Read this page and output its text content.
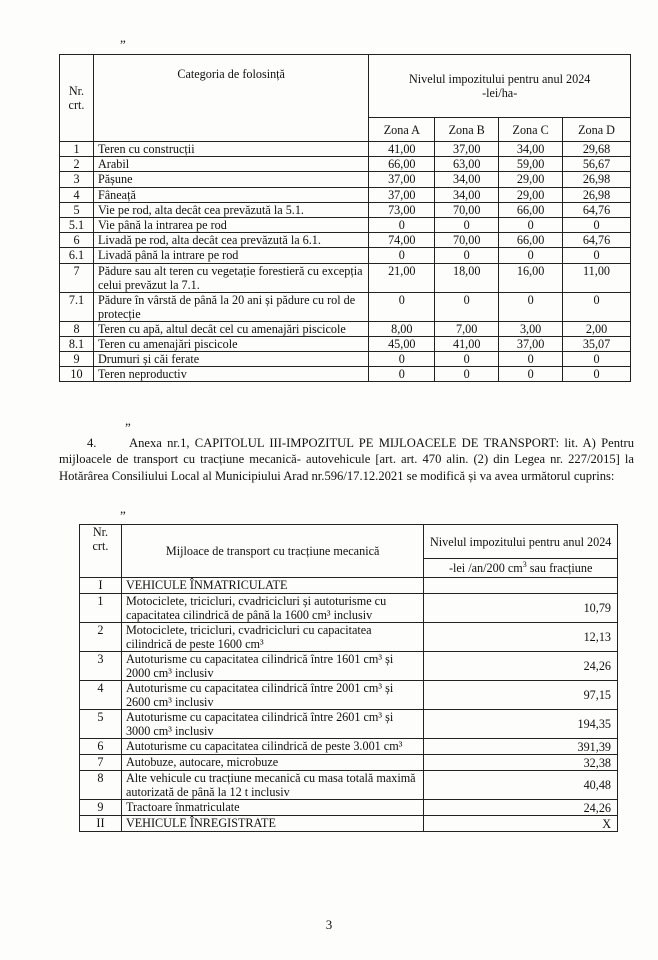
”
Nr. crt.	Categoria de folosință	Nivelul impozitului pentru anul 2024
-lei/ha-			

		Zona A	Zona B	Zona C	Zona D
1	Teren cu construcții	41,00	37,00	34,00	29,68
2	Arabil	66,00	63,00	59,00	56,67
3	Pășune	37,00	34,00	29,00	26,98
4	Fâneață	37,00	34,00	29,00	26,98
5	Vie pe rod, alta decât cea prevăzută la 5.1.	73,00	70,00	66,00	64,76
5.1	Vie până la intrarea pe rod	0	0	0	0
6	Livadă pe rod, alta decât cea prevăzută la 6.1.	74,00	70,00	66,00	64,76
6.1	Livadă până la intrare pe rod	0	0	0	0
7	Pădure sau alt teren cu vegetație forestieră cu excepția celui prevăzut la 7.1.	21,00	18,00	16,00	11,00
7.1	Pădure în vârstă de până la 20 ani și pădure cu rol de protecție	0	0	0	0
8	Teren cu apă, altul decât cel cu amenajări piscicole	8,00	7,00	3,00	2,00
8.1	Teren cu amenajări piscicole	45,00	41,00	37,00	35,07
9	Drumuri și căi ferate	0	0	0	0
10	Teren neproductiv	0	0	0	0
”
4.	Anexa nr.1, CAPITOLUL III-IMPOZITUL PE MIJLOACELE DE TRANSPORT: lit. A) Pentru mijloacele de transport cu tracțiune mecanică- autovehicule [art. art. 470 alin. (2) din Legea nr. 227/2015] la Hotărârea Consiliului Local al Municipiului Arad nr.596/17.12.2021 se modifică și va avea următorul cuprins:
”
Nr. crt.	Mijloace de transport cu tracțiune mecanică	Nivelul impozitului pentru anul 2024
		-lei /an/200 $cm^3$ sau fracțiune
I	VEHICULE ÎNMATRICULATE	
1	Motociclete, tricicluri, cvadricicluri și autoturisme cu capacitatea cilindrică de până la 1600 cm³ inclusiv	10,79
2	Motociclete, tricicluri, cvadricicluri cu capacitatea cilindrică de peste 1600 cm³	12,13
3	Autoturisme cu capacitatea cilindrică între 1601 cm³ și 2000 cm³ inclusiv	24,26
4	Autoturisme cu capacitatea cilindrică între 2001 cm³ și 2600 cm³ inclusiv	97,15
5	Autoturisme cu capacitatea cilindrică între 2601 cm³ și 3000 cm³ inclusiv	194,35
6	Autoturisme cu capacitatea cilindrică de peste 3.001 cm³	391,39
7	Autobuze, autocare, microbuze	32,38
8	Alte vehicule cu tracțiune mecanică cu masa totală maximă autorizată de până la 12 t inclusiv	40,48
9	Tractoare înmatriculate	24,26
II	VEHICULE ÎNREGISTRATE	X
3
